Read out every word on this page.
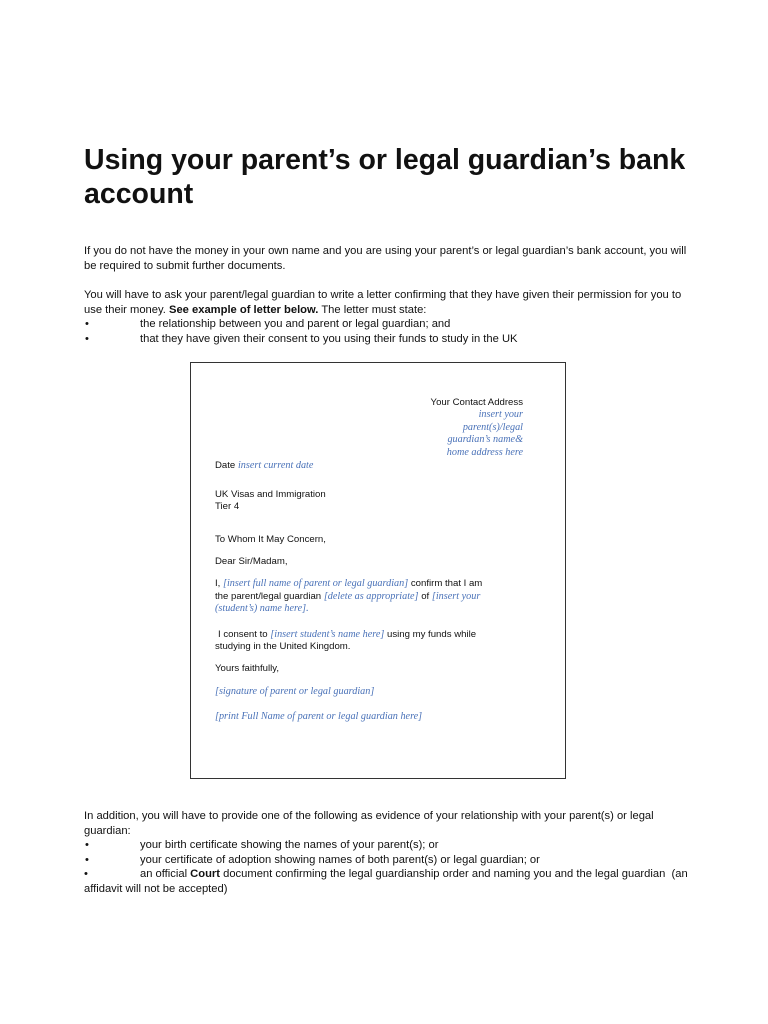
Using your parent’s or legal guardian’s bank account

If you do not have the money in your own name and you are using your parent’s or legal guardian’s bank account, you will be required to submit further documents.

You will have to ask your parent/legal guardian to write a letter confirming that they have given their permission for you to use their money. See example of letter below. The letter must state:

•	the relationship between you and parent or legal guardian; and
•	that they have given their consent to you using their funds to study in the UK
Your Contact Address
insert your
parent(s)/legal
guardian’s name&
home address here
Date insert current date
UK Visas and Immigration
Tier 4
To Whom It May Concern,
Dear Sir/Madam,
I, [insert full name of parent or legal guardian] confirm that I am
the parent/legal guardian [delete as appropriate] of [insert your
(student’s) name here].
I consent to [insert student’s name here] using my funds while
studying in the United Kingdom.
Yours faithfully,
[signature of parent or legal guardian]
[print Full Name of parent or legal guardian here]

In addition, you will have to provide one of the following as evidence of your relationship with your parent(s) or legal guardian:

•	your birth certificate showing the names of your parent(s); or
•	your certificate of adoption showing names of both parent(s) or legal guardian; or
•	an official Court document confirming the legal guardianship order and naming you and the legal guardian (an affidavit will not be accepted)
